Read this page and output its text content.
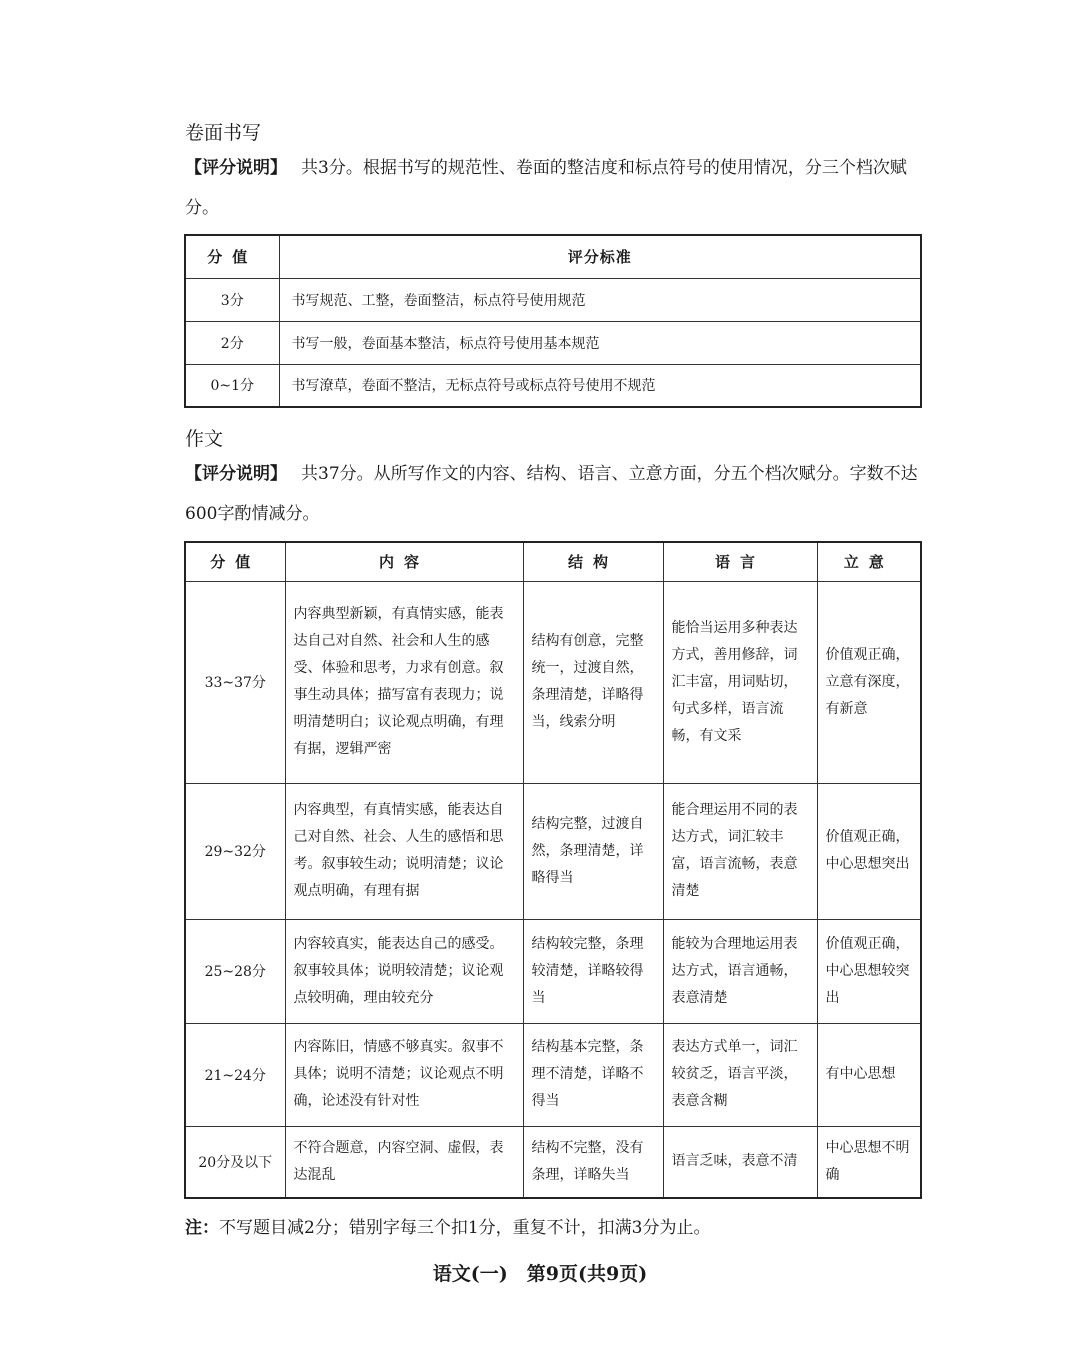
卷面书写
【评分说明】 共3分。根据书写的规范性、卷面的整洁度和标点符号的使用情况，分三个档次赋分。
分值	评分标准
3分	书写规范、工整，卷面整洁，标点符号使用规范
2分	书写一般，卷面基本整洁，标点符号使用基本规范
0~1分	书写潦草，卷面不整洁，无标点符号或标点符号使用不规范
作文
【评分说明】 共37分。从所写作文的内容、结构、语言、立意方面，分五个档次赋分。字数不达600字酌情减分。
分值	内容	结构	语言	立意
33~37分	内容典型新颖，有真情实感，能表达自己对自然、社会和人生的感受、体验和思考，力求有创意。叙事生动具体；描写富有表现力；说明清楚明白；议论观点明确，有理有据，逻辑严密	结构有创意，完整统一，过渡自然，条理清楚，详略得当，线索分明	能恰当运用多种表达方式，善用修辞，词汇丰富，用词贴切，句式多样，语言流畅，有文采	价值观正确，立意有深度，有新意

29~32分	内容典型，有真情实感，能表达自己对自然、社会、人生的感悟和思考。叙事较生动；说明清楚；议论观点明确，有理有据	结构完整，过渡自然，条理清楚，详略得当	能合理运用不同的表达方式，词汇较丰富，语言流畅，表意清楚	价值观正确，中心思想突出

25~28分	内容较真实，能表达自己的感受。叙事较具体；说明较清楚；议论观点较明确，理由较充分	结构较完整，条理较清楚，详略较得当	能较为合理地运用表达方式，语言通畅，表意清楚	价值观正确，中心思想较突出

21~24分	内容陈旧，情感不够真实。叙事不具体；说明不清楚；议论观点不明确，论述没有针对性	结构基本完整，条理不清楚，详略不得当	表达方式单一，词汇较贫乏，语言平淡，表意含糊	有中心思想

20分及以下	不符合题意，内容空洞、虚假，表达混乱	结构不完整，没有条理，详略失当	语言乏味，表意不清	中心思想不明确
注：不写题目减2分；错别字每三个扣1分，重复不计，扣满3分为止。
语文(一)　第9页(共9页)
